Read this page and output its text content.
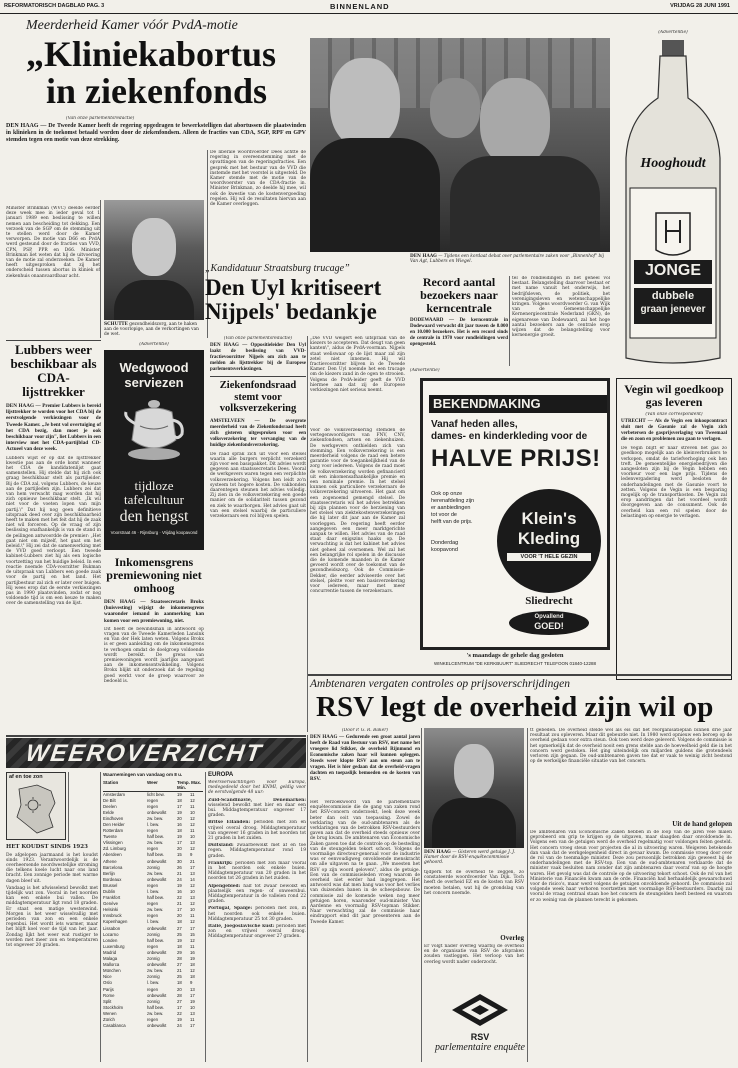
REFORMATORISCH DAGBLAD PAG. 3	BINNENLAND	VRIJDAG 28 JUNI 1991
Meerderheid Kamer vóór PvdA-motie
„Kliniekabortus
in ziekenfonds
(Van onze parlementsredactie)
DEN HAAG — De Tweede Kamer heeft de regering opgedragen te bewerkstelligen dat abortussen die plaatsvinden in klinieken in de toekomst betaald worden door de ziekenfondsen. Alleen de fracties van CDA, SGP, RPF en GPV stemden tegen een motie van deze strekking.
Minister Brinkman (WVC) deelde eerder deze week mee in ieder geval tot 1 januari 1989 een beslissing te willen nemen aan bescheiding tot dekking. Een verzoek van de SGP om de stemming uit te stellen werd door de Kamer verworpen. De motie van D66 en PvdA werd gesteund door de fracties van VVD, CPN, PSP, PPR en D66. Minister Brinkman liet weten dat hij de uitvoering van de motie zal onderzoeken. De Kamer heeft uitgesproken dat zij het onderscheid tussen abortus in kliniek of ziekenhuis onaanvaardbaar acht.
SCHUTTE gezondheidszorg, aan te haken aan de voorlopige, aan de verkortingen van de wet.
De liberale woordvoerder Dees achtte de regering in overeenstemming met de opvattingen van de regeringsfracties. Een gesprek met het bestuur van de VVD die instemde met het voorstel is uitgesteld. De Kamer stemde met de motie van de woordvoerster van de CDA-fractie in. Minister Brinkman, zo deelde hij mee, wil ook de kwestie van de kostenvergoeding regelen. Hij wil de resultaten hiervan aan de Kamer overleggen.
Lubbers weer beschikbaar als CDA-lijsttrekker
DEN HAAG — Premier Lubbers is bereid lijsttrekker te worden voor het CDA bij de eerstvolgende verkiezingen voor de Tweede Kamer. „Je bent vol overtuiging of het CDA bezig, dan moet je ook beschikbaar voor zijn", liet Lubbers in een interview met het CDA-partijblad CD-Actueel van deze week.
Lubbers wijst er op dat de lijsttrekker kwestie pas aan de orde komt wanneer het CDA de kandidatenlijst gaat samenstellen. Hij stelde dat hij zich ook graag beschikbaar stelt als partijleider. Bij de CDA zal, volgens Lubbers, de keuze aan de partijleden zijn. Lubbers zei dat van hem verwacht mag worden dat hij zich opnieuw beschikbaar stelt. „Ik wil niet voor de voeten lopen van mijn partij.\" Dat hij nog geen definitieve uitspraak deed over zijn beschikbaarheid heeft te maken met het feit dat hij de zaak niet wil forceren. Op de vraag of zijn beslissing onafhankelijk is van de stand in de peilingen antwoordde de premier: „Het gaat niet om mijzelf, het gaat om het beleid.\" Hij zei dat de samenwerking met de VVD goed verloopt. Een tweede kabinet-Lubbers ziet hij als een logische voortzetting van het huidige beleid. In een reactie noemde CDA-voorzitter Bukman de uitspraak van Lubbers een goede zaak voor de partij en het land. Het partijbestuur zal zich er later over buigen. Hij wees erop dat de eerste verkiezingen pas in 1990 plaatsvinden, zodat er nog voldoende tijd is om een keuze te maken over de samenstelling van de lijst.
(Advertentie)
Wedgwood
serviezen
tijdloze
tafelcultuur
den hengst
Voorstraat 46 · Rijnsburg · Vrijdag koopavond
Inkomensgrens premiewoning niet omhoog
DEN HAAG — Staatssecretaris Brokx (huisvesting) wijzigt de inkomensgrens waaronder iemand in aanmerking kan komen voor een premiewoning, niet.
Dit heeft de bewindsman in antwoord op vragen van de Tweede Kamerleden Lansink en Van der Hek laten weten. Volgens Brokx is er geen aanleiding om de inkomensgrens te verhogen omdat de doelgroep voldoende wordt bereikt. De grens van premiewoningen wordt jaarlijks aangepast aan de inkomensontwikkeling. Volgens Brokx blijkt uit onderzoek dat de regeling goed werkt voor de groep waarvoor ze bedoeld is.
„Kandidatuur Straatsburg trucage”
Den Uyl kritiseert Nijpels' bedankje
(Van onze parlementsredactie)
DEN HAAG — Oppositieleider Den Uyl laakt de beslissing van VVD-fractievoorzitter Nijpels om zich aan te melden als lijsttrekker bij de Europese parlementsverkiezingen.
„Die VVD weigert een uitspraak van de kiezers te accepteren. Dat deugt van geen kanten\", aldus de PvdA-voorman. Nijpels staat weliswaar op de lijst maar zal zijn zetel niet innemen. Hij wil fractievoorzitter blijven in de Tweede Kamer. Den Uyl noemde het een trucage om de kiezers zand in de ogen te strooien. Volgens de PvdA-leider geeft de VVD hiermee aan dat zij de Europese verkiezingen niet serieus neemt.
Ziekenfondsraad stemt voor volksverzekering
AMSTELVEEN — De overgrote meerderheid van de Ziekenfondsraad heeft zich gisteren uitgesproken voor een volksverzekering ter vervanging van de huidige ziekenfondsverzekering.
De raad sprak zich uit voor een stelsel waarin alle burgers verplicht verzekerd zijn voor een basispakket. Dit advies wordt gegeven aan staatssecretaris Dees. Vooral de werkgevers waren tegen een verplichte volksverzekering. Volgens hen leidt zo'n systeem tot hogere kosten. De vakbonden daarentegen steunen het advies volledig. Zij zien in de volksverzekering een goede manier om de solidariteit tussen gezond en ziek te waarborgen. Het advies gaat uit van een stelsel waarbij de particuliere verzekeraars een rol blijven spelen.
Voor de volksverzekering stemden de vertegenwoordigers van FNV, CNV, ziekenfondsen, artsen en ziekenhuizen. De werkgevers onthielden zich van stemming. Een volksverzekering is een meerderheid volgens de raad een betere garantie voor de toegankelijkheid van de zorg voor iedereen. Volgens de raad moet de volksverzekering worden gefinancierd uit een inkomensafhankelijke premie en een nominale premie. In het stelsel kunnen ook particuliere verzekeraars de volksverzekering uitvoeren. Het gaat om een zogenoemd gemengd stelsel. De staatssecretaris wil het advies betrekken bij zijn plannen voor de herziening van het stelsel van ziektekostenverzekeringen die hij later dit jaar aan de Kamer zal voorleggen. De regering heeft eerder aangegeven een meer marktgerichte aanpak te willen. Het advies van de raad staat daar enigszins haaks op. De verwachting is dat het kabinet het advies niet geheel zal overnemen. Wel zal het een belangrijke rol spelen in de discussie die de komende maanden in de Kamer gevoerd wordt over de toekomst van de gezondheidszorg. Ook de Commissie-Dekker, die eerder adviseerde over het stelsel, pleitte voor een basisverzekering voor iedereen, maar met meer concurrentie tussen de verzekeraars.
DEN HAAG — Tijdens een kordaat debat over parlementaire zaken voor „Binnenhof" bij Van Agt, Lubbers en Wiegel.
Record aantal bezoekers naar kerncentrale
DODEWAARD — De kerncentrale in Dodewaard verwacht dit jaar tussen de 8.000 en 10.000 bezoekers. Het is een record sinds de centrale in 1970 voor rondleidingen werd opengesteld.
tel de rondleidingen in het geheel vol bestaat. Belangstelling daarvoor bestaat er met name vanuit het onderwijs, het bedrijfsleven, de politiek, het verenigingsleven en wetenschappelijke kringen. Volgens woordvoerder G. van Wijk van de Gemeenschappelijke Kernenergiecentrale Nederland (GKN), de eigenaresse van Dodewaard, zal het hoge aantal bezoekers aan de centrale erop wijzen dat de belangstelling voor kernenergie groeit.
(Advertentie)
Hooghoudt
JONGE
dubbele
graan jenever
(Advertentie)
BEKENDMAKING
Vanaf heden alles,
dames- en kinderkleding voor de
HALVE PRIJS!
Ook op onze
herenafdeling zijn
er aanbiedingen
tot voor de
helft van de prijs.
Donderdag
koopavond
Klein's
Kleding
VOOR 'T HELE GEZIN
Sliedrecht
Opvallend
GOED!
's maandags de gehele dag gesloten
WINKELCENTRUM “DE KERKBUURT” SLIEDRECHT TELEFOON 01840-12288
Vegin wil goedkoop gas leveren
(Van onze correspondent)
UTRECHT — Als de Vegin een inkoopcontract sluit met de Gasunie zal de Vegin zich verbetersen de gasprijsverlaging van Tweemaal die en zoon en problemen zou gaan te verlagen.
De Vegin blijft er naar streven het gas zo goedkoop mogelijk aan de kleinverbruikers te verkopen, omdat de tariefverhoging ook hen treft. De gemeentelijke energiebedrijven die aangesloten zijn bij de Vegin hebben een voorkeur voor een lage prijs. Tijdens de ledenvergadering werd besloten de onderhandelingen met de Gasunie voort te zetten. Volgens de Vegin is een besparing mogelijk op de transportkosten. De Vegin zal erop aandringen dat het voordeel wordt doorgegeven aan de consument. Ook de overheid kan een rol spelen door de belastingen op energie te verlagen.
Ambtenaren vergaten controles op prijsoverschrijdingen
RSV legt de overheid zijn wil op
(Door P. G. R. Baker)
DEN HAAG — Gedurende een groot aantal jaren heeft de Raad van Bestuur van RSV, met name het vroegere lid Stikker, de overheid Rijnmond en Economische zaken haar wil kunnen opleggen. Steeds weer klopte RSV aan om steun aan te vragen. Het is hier gedaan dat de overheid-vragen dachten en toepaslijk bemoeden en de kosten van RSV.
Het verzoekwoord van de parlementaire enquêtecommissie die de gang van zaken rond het RSV-concern onderzoekt, leek deze week beter dan ooit van toepassing. Zowel de verklaring van de oud-ambtenaren als de verklaringen van de betrokken RSV-bestuurders gaven aan dat de overheid steeds opnieuw over de brug kwam. De ambtenaren van Economische Zaken gaven toe dat de controle op de besteding van de steungelden tekort schoot. Volgens de voormalige directeur-generaal voor de industrie was er eenvoudigweg onvoldoende menskracht om alle uitgaven na te gaan. „We moesten het RSV op zijn woord geloven\", aldus de getuige. Een van de commissieleden vroeg waarom de overheid niet eerder had ingegrepen. Het antwoord was dat men bang was voor het verlies van duizenden banen in de scheepsbouw. De commissie zal de komende weken nog meer getuigen horen, waaronder oud-minister Van Aardenne en voormalig RSV-topman Stikker. Naar verwachting zal de commissie haar eindrapport eind dit jaar presenteren aan de Tweede Kamer.
DEN HAAG — Gisteren werd getuige J. J. Hamer door de RSV-enquêtecommissie gehoord.
tijdperk tot de overheid te zeggen, zo constateerde woordvoerder Van Dijk. Toch heeft de overheid EZ en de kosten van RSV moeten betalen, wat hij de grondslag van het concern noemde.
Overleg
Er volgt nader overleg waarbij de overheid en de organisatie van RSV de afspraken zouden vastleggen. Het verloop van het overleg wordt nader onderzocht.
RSV
parlementaire enquête
tt gebeden. De overheid stelde wel als eis dat het reorganisatieplan binnen drie jaar resultaat zou opleveren. Maar dit gebeurde niet. In 1980 werd opnieuw een beroep op de overheid gedaan voor extra steun. Ook toen werd deze geleverd. Volgens de commissie is het opmerkelijk dat de overheid nooit een grens stelde aan de hoeveelheid geld die in het concern werd gestoken. Het ging uiteindelijk om miljarden guldens die grotendeels verloren zijn gegaan. De oud-ambtenaren gaven toe dat er vaak te weinig zicht bestond op de werkelijke financiële situatie van het concern.
Uit de hand gelopen
De ambtenaren van Economische Zaken hebben in de loop van de jaren vele malen geprobeerd om grip te krijgen op de uitgaven, maar slaagden daar onvoldoende in. Volgens een van de getuigen werd de overheid regelmatig voor voldongen feiten gesteld. Het concern vroeg steun voor projecten die al in uitvoering waren. Weigeren betekende dan vaak dat de werkgelegenheid direct in gevaar kwam. De commissie vroeg door over de rol van de toenmalige minister. Deze zou persoonlijk betrokken zijn geweest bij de onderhandelingen met de RSV-top. Een van de oud-ambtenaren verklaarde dat de minister vaak besluiten nam zonder dat zijn ambtenaren daar vooraf van op de hoogte waren. Het gevolg was dat de controle op de uitvoering tekort schoot. Ook de rol van het Ministerie van Financiën kwam aan de orde. Financiën had herhaaldelijk gewaarschuwd voor de risico's, maar werd volgens de getuigen onvoldoende gehoord. De commissie zal volgende week haar verhoren voortzetten met voormalige RSV-bestuurders. Daarbij zal vooral de vraag centraal staan hoe het concern de steungelden heeft besteed en waarom er zo weinig van de plannen terecht is gekomen.
WEEROVERZICHT
af en toe zon
HET KOUDST SINDS 1923
De afgelopen jaarmaand is het koudst sinds 1923. Verantwoordelijk is de overheersende noordwestelijke stroming die telkens koele lucht naar ons land bracht. Een zonnige periode met warme dagen bleef uit.
Vandaag is het afwisselend bewolkt met tijdelijk wat zon. Vooral in het noorden kan een enkele bui vallen. De middagtemperatuur ligt rond 18 graden. Er staat een matige westenwind. Morgen is het weer wisselvallig met perioden van zon en een enkele regenbui. Het wordt iets warmer, maar het blijft koel voor de tijd van het jaar. Zondag lijkt het weer wat rustiger te worden met meer zon en temperaturen tot ongeveer 20 graden.
Waarnemingen van vandaag om 8 u.
Station	Weer	Temp. Max. Min.
Amsterdam	licht bew.	19	11
De Bilt	regen	18	12
Deelen	regen	17	11
Eelde	onbewolkt	19	10
Eindhoven	zw. bew.	20	12
Den Helder	l. bew.	16	12
Rotterdam	regen	18	11
Twente	half bew.	19	10
Vlissingen	zw. bew.	17	13
Zd. Limburg	regen	20	12
Aberdeen	half bew.	15	9
Athene	onbewolkt	30	21
Barcelona	zonnig	26	17
Berlijn	zw. bew.	21	13
Bordeaux	onbewolkt	24	14
Brussel	regen	19	12
Dublin	l. bew.	16	10
Frankfort	half bew.	22	13
Genève	regen	21	12
Helsinki	zw. bew.	17	10
Innsbruck	regen	20	11
Kopenhagen	l. bew.	18	12
Lissabon	onbewolkt	27	17
Locarno	zonnig	25	15
Londen	half bew.	19	12
Luxemburg	regen	18	11
Madrid	onbewolkt	29	16
Malaga	zonnig	28	19
Mallorca	onbewolkt	27	18
München	zw. bew.	21	12
Nice	zonnig	25	18
Oslo	l. bew.	18	9
Parijs	regen	20	13
Rome	onbewolkt	28	17
Split	zonnig	27	19
Stockholm	half bew.	17	10
Wenen	zw. bew.	22	13
Zürich	regen	19	11
Casablanca	onbewolkt	24	17
EUROPA
Weersverwachtingen voor Europa, medegedeeld door het KNMI, geldig voor de eerstvolgende 48 uur:
Zuid-Scandinavië, Denemarken: wisselend bewolkt met hier en daar een bui. Middagtemperatuur ongeveer 17 graden.
Britse Eilanden: perioden met zon en vrijwel overal droog. Middagtemperatuur van ongeveer 16 graden in het noorden tot 21 graden in het zuiden.
Duitsland: zwaarbewolkt met af en toe regen. Middagtemperatuur rond 19 graden.
Frankrijk: perioden met zon maar vooral in het noorden ook enkele buien. Middagtemperatuur van 20 graden in het noorden tot 26 graden in het zuiden.
Alpengebied: half tot zwaar bewolkt en plaatselijk een regen- of onweersbui. Middagtemperatuur in de valleien rond 22 graden.
Portugal, Spanje: perioden met zon, in het noorden ook enkele buien. Middagtemperatuur 25 tot 30 graden.
Italië, Joegoslavische kust: perioden met zon en vrijwel overal droog. Middagtemperatuur ongeveer 27 graden.
